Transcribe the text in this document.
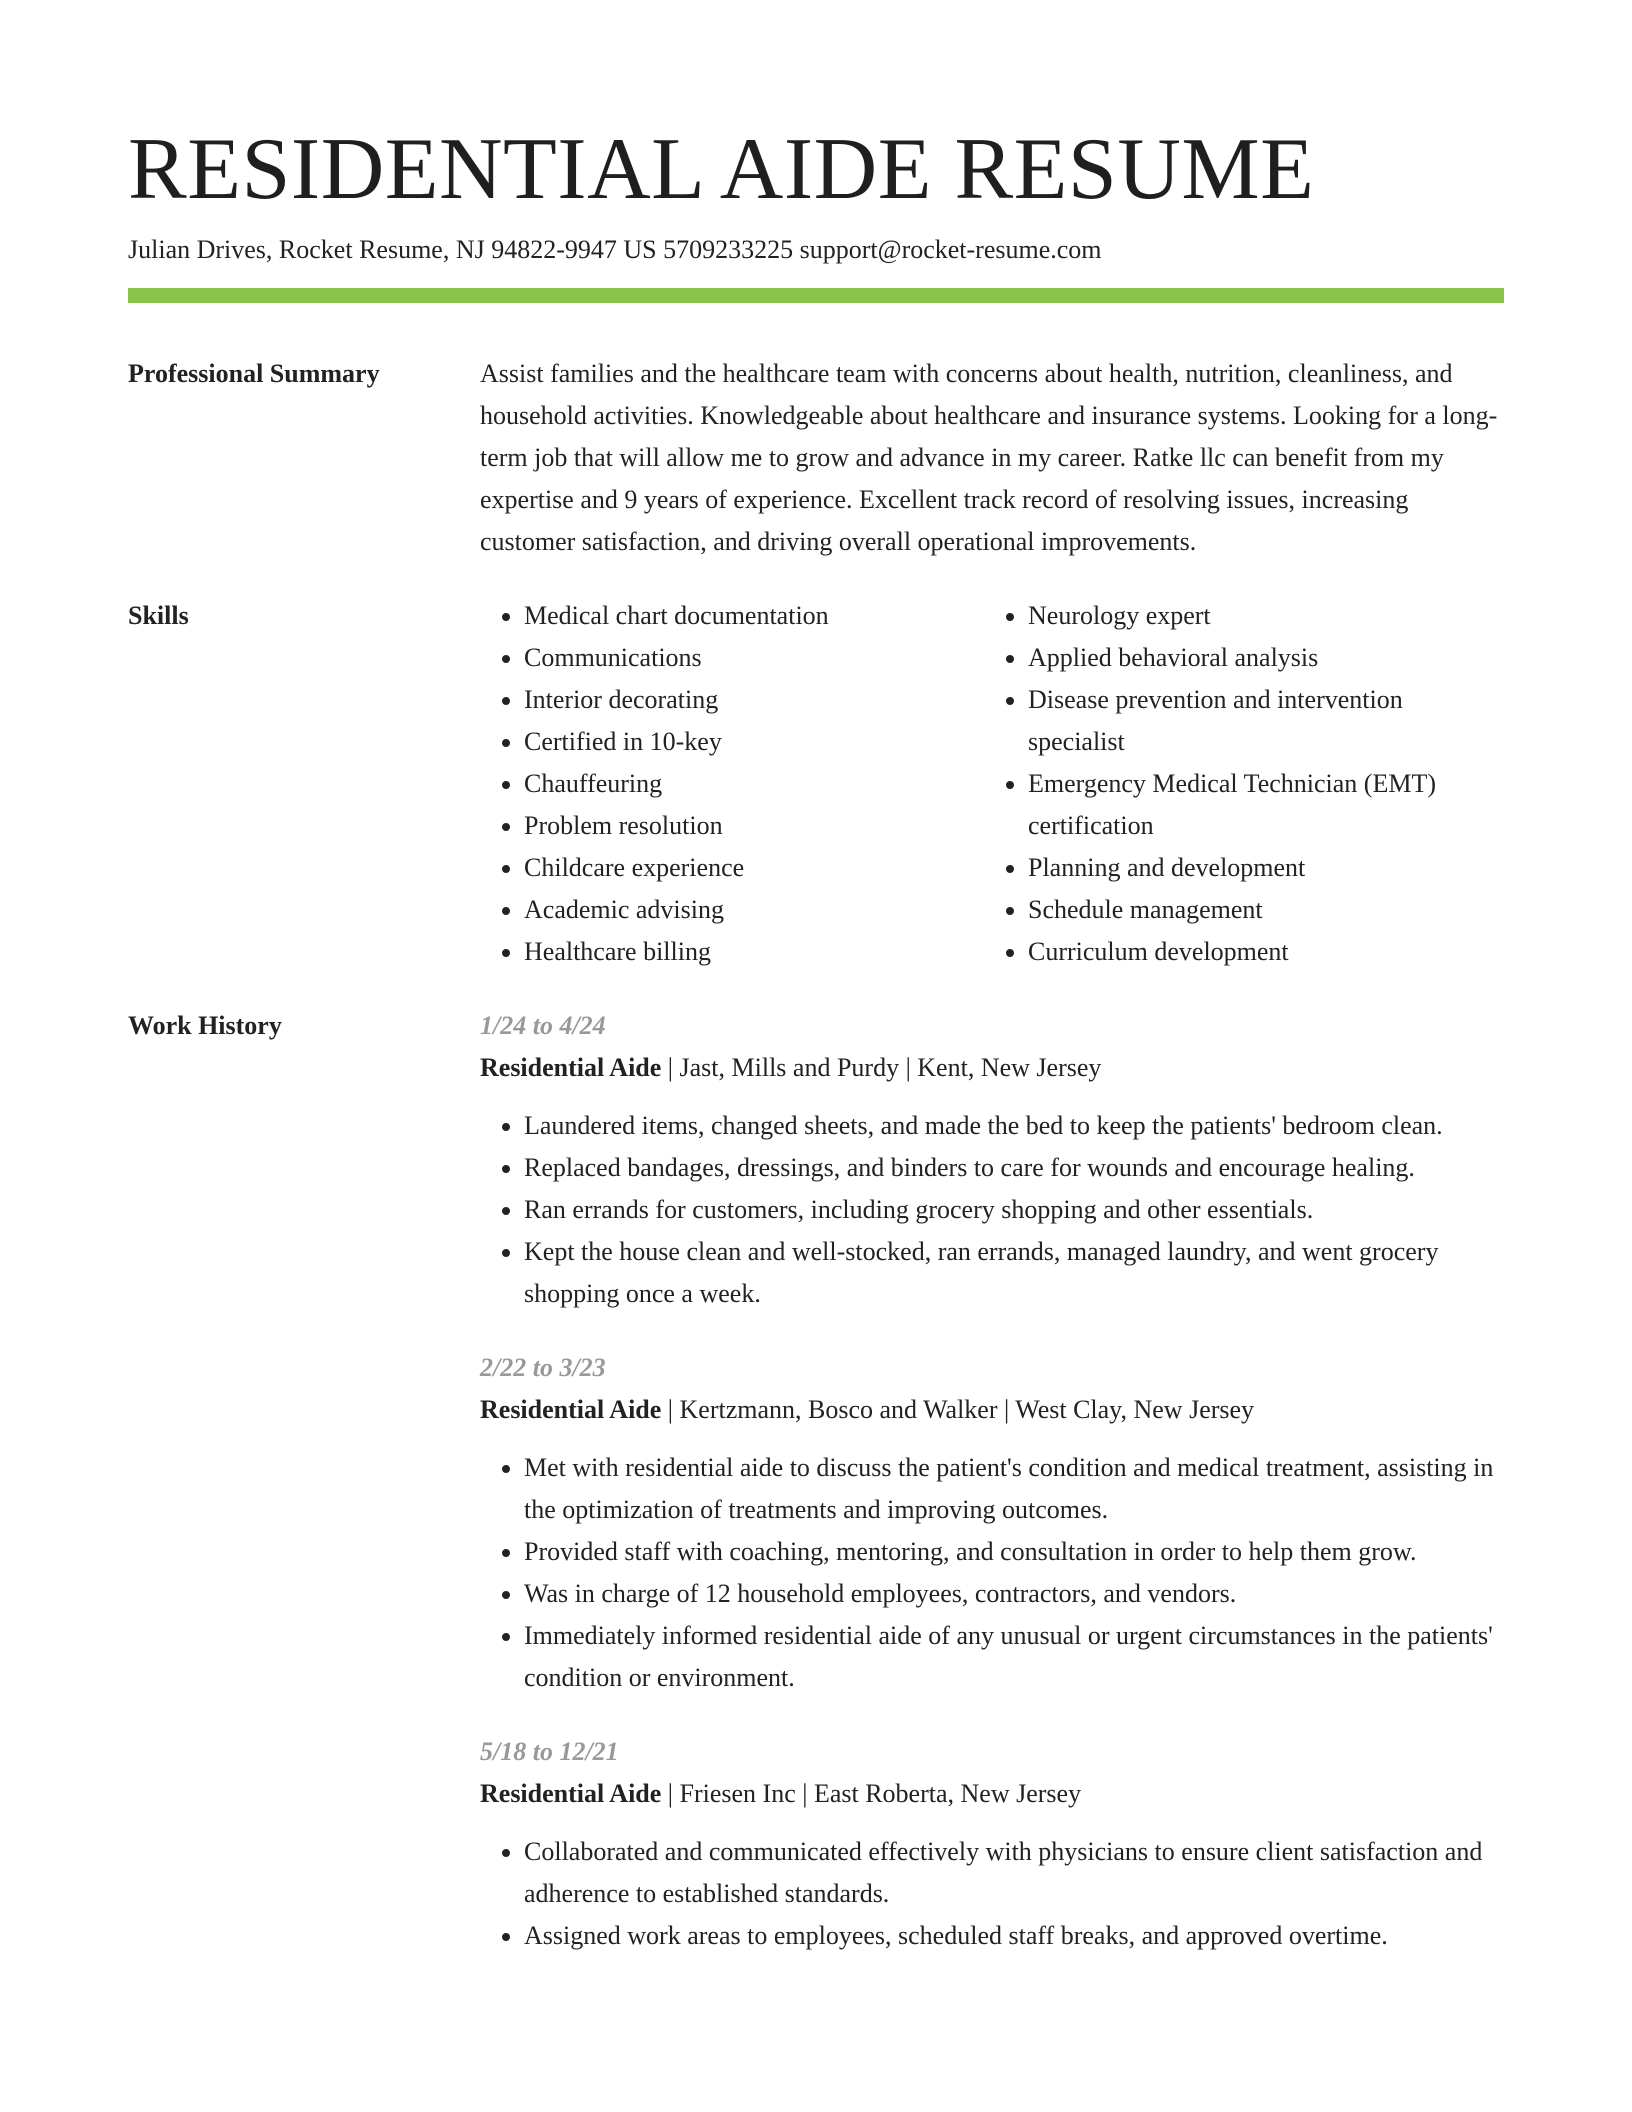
RESIDENTIAL AIDE RESUME
Julian Drives, Rocket Resume, NJ 94822-9947 US 5709233225 support@rocket-resume.com
Professional Summary	Assist families and the healthcare team with concerns about health, nutrition, cleanliness, and household activities. Knowledgeable about healthcare and insurance systems. Looking for a long-term job that will allow me to grow and advance in my career. Ratke llc can benefit from my expertise and 9 years of experience. Excellent track record of resolving issues, increasing customer satisfaction, and driving overall operational improvements.

Skills
•	Medical chart documentation
• Communications
• Interior decorating
• Certified in 10-key
• Chauffeuring
• Problem resolution
• Childcare experience
• Academic advising
• Healthcare billing
• Neurology expert
• Applied behavioral analysis
• Disease prevention and intervention specialist
• Emergency Medical Technician (EMT) certification
• Planning and development
• Schedule management
• Curriculum development
Work History	1/24 to 4/24
Residential Aide | Jast, Mills and Purdy | Kent, New Jersey
• Laundered items, changed sheets, and made the bed to keep the patients' bedroom clean.
• Replaced bandages, dressings, and binders to care for wounds and encourage healing.
• Ran errands for customers, including grocery shopping and other essentials.
• Kept the house clean and well-stocked, ran errands, managed laundry, and went grocery shopping once a week.
2/22 to 3/23
Residential Aide | Kertzmann, Bosco and Walker | West Clay, New Jersey
• Met with residential aide to discuss the patient's condition and medical treatment, assisting in the optimization of treatments and improving outcomes.
• Provided staff with coaching, mentoring, and consultation in order to help them grow.
• Was in charge of 12 household employees, contractors, and vendors.
• Immediately informed residential aide of any unusual or urgent circumstances in the patients' condition or environment.
5/18 to 12/21
Residential Aide | Friesen Inc | East Roberta, New Jersey
• Collaborated and communicated effectively with physicians to ensure client satisfaction and adherence to established standards.
• Assigned work areas to employees, scheduled staff breaks, and approved overtime.
